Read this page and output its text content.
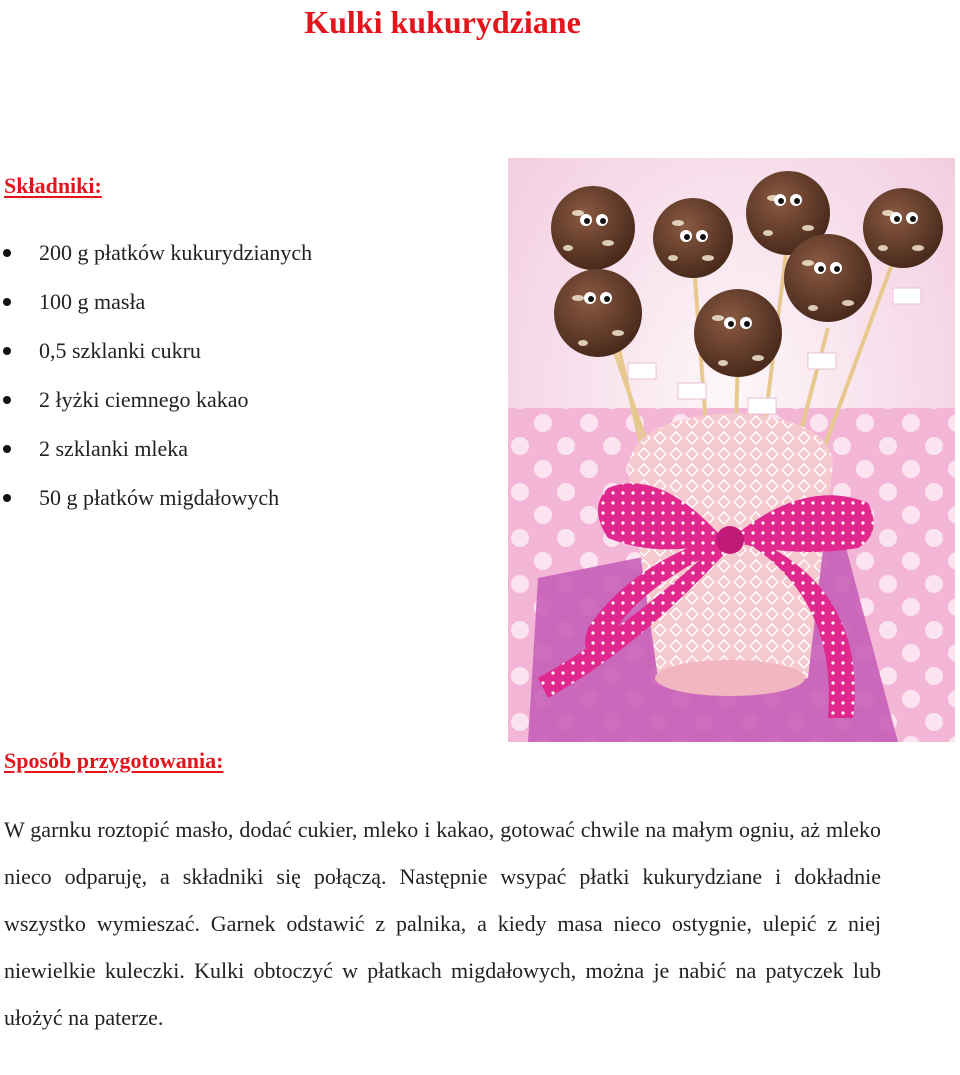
Kulki kukurydziane
Składniki:
200 g płatków kukurydzianych
100 g masła
0,5 szklanki cukru
2 łyżki ciemnego kakao
2 szklanki mleka
50 g płatków migdałowych
Sposób przygotowania:

W garnku roztopić masło, dodać cukier, mleko i kakao, gotować chwile na małym ogniu, aż mleko nieco odparuję, a składniki się połączą. Następnie wsypać płatki kukurydziane i dokładnie wszystko wymieszać. Garnek odstawić z palnika, a kiedy masa nieco ostygnie, ulepić z niej niewielkie kuleczki. Kulki obtoczyć w płatkach migdałowych, można je nabić na patyczek lub ułożyć na paterze.
